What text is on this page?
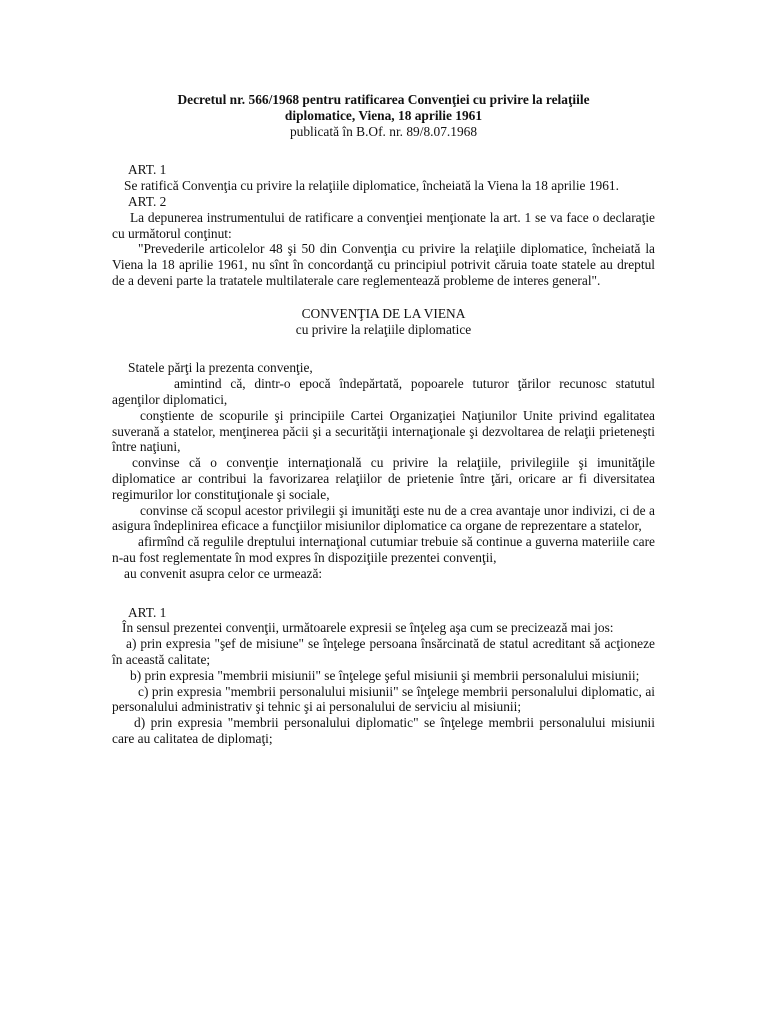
Decretul nr. 566/1968 pentru ratificarea Convenţiei cu privire la relaţiile
diplomatice, Viena, 18 aprilie 1961
publicată în B.Of. nr. 89/8.07.1968
ART. 1

Se ratifică Convenţia cu privire la relaţiile diplomatice, încheiată la Viena la 18 aprilie 1961.

ART. 2

La depunerea instrumentului de ratificare a convenţiei menţionate la art. 1 se va face o declaraţie cu următorul conţinut:

"Prevederile articolelor 48 şi 50 din Convenţia cu privire la relaţiile diplomatice, încheiată la Viena la 18 aprilie 1961, nu sînt în concordanţă cu principiul potrivit căruia toate statele au dreptul de a deveni parte la tratatele multilaterale care reglementează probleme de interes general".

CONVENŢIA DE LA VIENA
cu privire la relaţiile diplomatice

Statele părţi la prezenta convenţie,

amintind că, dintr-o epocă îndepărtată, popoarele tuturor ţărilor recunosc statutul agenţilor diplomatici,

conştiente de scopurile şi principiile Cartei Organizaţiei Naţiunilor Unite privind egalitatea suverană a statelor, menţinerea păcii şi a securităţii internaţionale şi dezvoltarea de relaţii prieteneşti între naţiuni,

convinse că o convenţie internaţională cu privire la relaţiile, privilegiile şi imunităţile diplomatice ar contribui la favorizarea relaţiilor de prietenie între ţări, oricare ar fi diversitatea regimurilor lor constituţionale şi sociale,

convinse că scopul acestor privilegii şi imunităţi este nu de a crea avantaje unor indivizi, ci de a asigura îndeplinirea eficace a funcţiilor misiunilor diplomatice ca organe de reprezentare a statelor,

afirmînd că regulile dreptului internaţional cutumiar trebuie să continue a guverna materiile care n-au fost reglementate în mod expres în dispoziţiile prezentei convenţii,

au convenit asupra celor ce urmează:

ART. 1

În sensul prezentei convenţii, următoarele expresii se înţeleg aşa cum se precizează mai jos:

a) prin expresia "şef de misiune" se înţelege persoana însărcinată de statul acreditant să acţioneze în această calitate;

b) prin expresia "membrii misiunii" se înţelege şeful misiunii şi membrii personalului misiunii;

c) prin expresia "membrii personalului misiunii" se înţelege membrii personalului diplomatic, ai personalului administrativ şi tehnic şi ai personalului de serviciu al misiunii;

d) prin expresia "membrii personalului diplomatic" se înţelege membrii personalului misiunii care au calitatea de diplomaţi;
